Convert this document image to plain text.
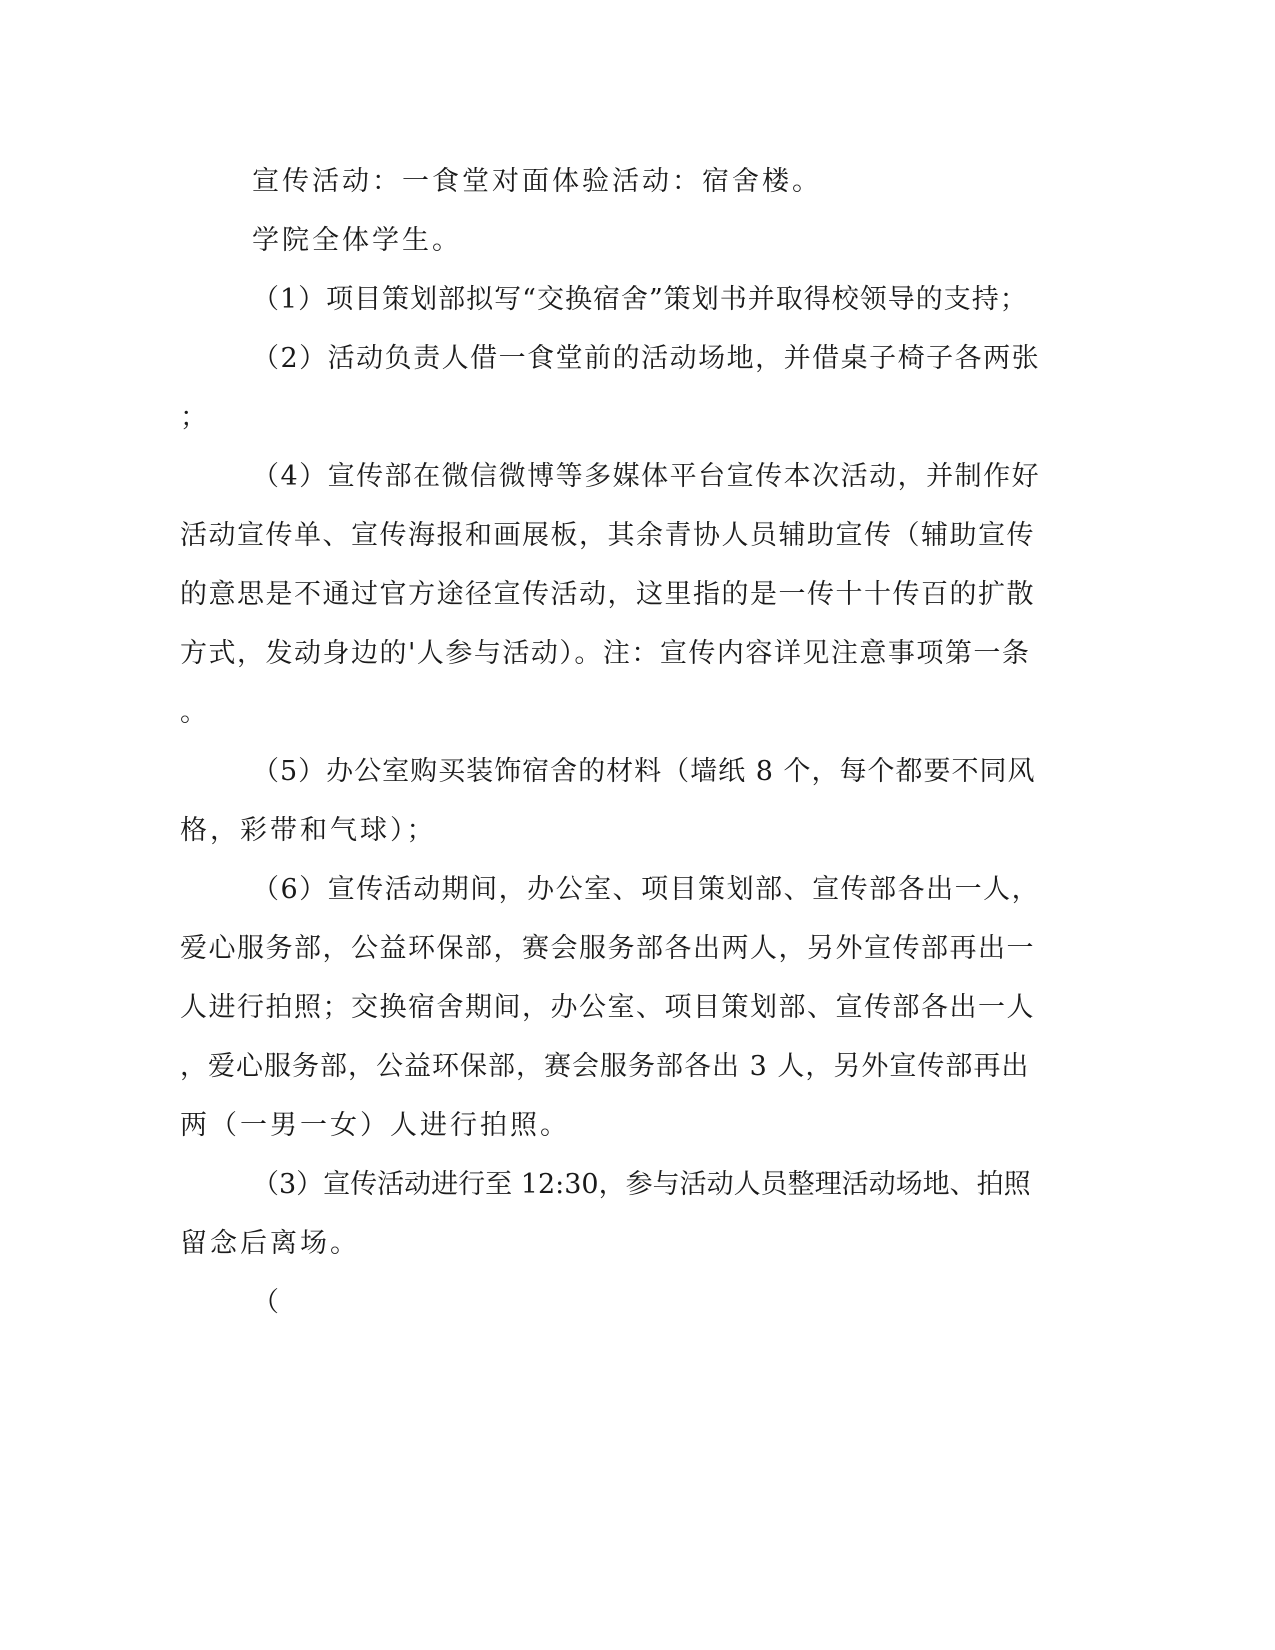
宣传活动：一食堂对面体验活动：宿舍楼。

学院全体学生。

（1）项目策划部拟写“交换宿舍”策划书并取得校领导的支持；

（2）活动负责人借一食堂前的活动场地，并借桌子椅子各两张

；

（4）宣传部在微信微博等多媒体平台宣传本次活动，并制作好

活动宣传单、宣传海报和画展板，其余青协人员辅助宣传（辅助宣传

的意思是不通过官方途径宣传活动，这里指的是一传十十传百的扩散

方式，发动身边的'人参与活动）。注：宣传内容详见注意事项第一条

。

（5）办公室购买装饰宿舍的材料（墙纸 8 个，每个都要不同风

格，彩带和气球）；

（6）宣传活动期间，办公室、项目策划部、宣传部各出一人，

爱心服务部，公益环保部，赛会服务部各出两人，另外宣传部再出一

人进行拍照；交换宿舍期间，办公室、项目策划部、宣传部各出一人

，爱心服务部，公益环保部，赛会服务部各出 3 人，另外宣传部再出

两（一男一女）人进行拍照。

（3）宣传活动进行至 12:30，参与活动人员整理活动场地、拍照

留念后离场。

（
